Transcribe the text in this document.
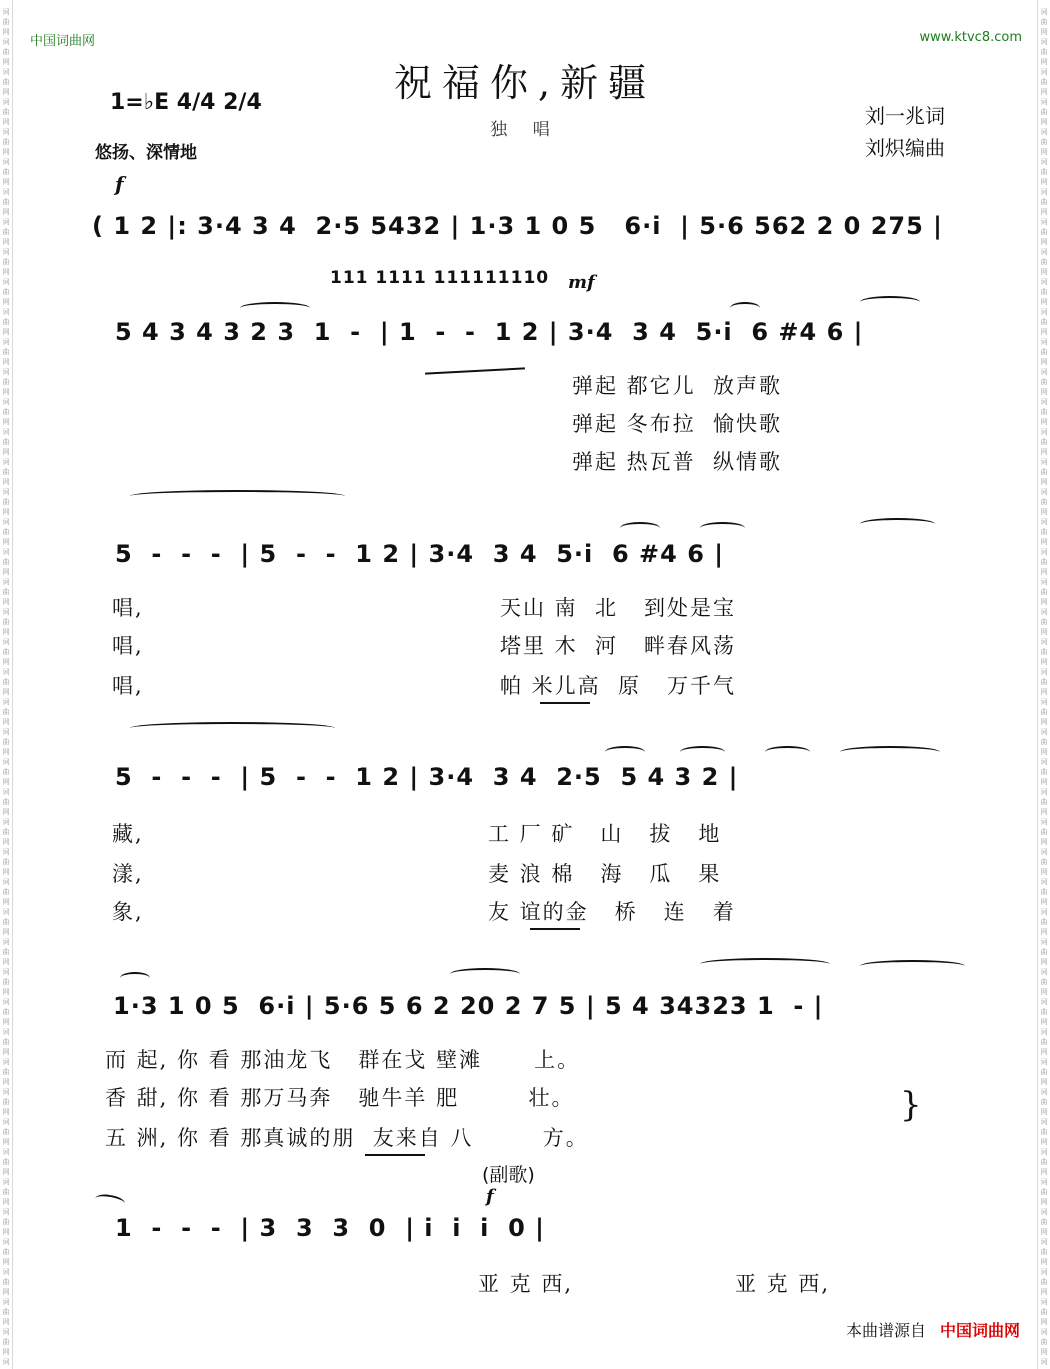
词
曲
网
词
曲
网
词
曲
网
词
曲
网
词
曲
网
词
曲
网
词
曲
网
词
曲
网
词
曲
网
词
曲
网
词
曲
网
词
曲
网
词
曲
网
词
曲
网
词
曲
网
词
曲
网
词
曲
网
词
曲
网
词
曲
网
词
曲
网
词
曲
网
词
曲
网
词
曲
网
词
曲
网
词
曲
网
词
曲
网
词
曲
网
词
曲
网
词
曲
网
词
曲
网
词
曲
网
词
曲
网
词
曲
网
词
曲
网
词
曲
网
词
曲
网
词
曲
网
词
曲
网
词
曲
网
词
曲
网
词
曲
网
词
曲
网
词
曲
网
词
曲
网
词
曲
网
词
词
曲
网
词
曲
网
词
曲
网
词
曲
网
词
曲
网
词
曲
网
词
曲
网
词
曲
网
词
曲
网
词
曲
网
词
曲
网
词
曲
网
词
曲
网
词
曲
网
词
曲
网
词
曲
网
词
曲
网
词
曲
网
词
曲
网
词
曲
网
词
曲
网
词
曲
网
词
曲
网
词
曲
网
词
曲
网
词
曲
网
词
曲
网
词
曲
网
词
曲
网
词
曲
网
词
曲
网
词
曲
网
词
曲
网
词
曲
网
词
曲
网
词
曲
网
词
曲
网
词
曲
网
词
曲
网
词
曲
网
词
曲
网
词
曲
网
词
曲
网
词
曲
网
词
曲
网
词
中国词曲网	www.ktvc8.com
祝福你,新疆
独 唱
1=♭E 4/4 2/4
悠扬、深情地
刘一兆词
刘炽编曲
f
( 1 2 |: 3·4 3 4  2·5 5432 | 1·3 1 0 5   6·i  | 5·6 562 2 0 275 |
111 1111 111111110 mf
5 4 3 4 3 2 3  1  -  | 1  -  -  1 2 | 3·4  3 4  5·i  6 #4 6 |
弹起 都它儿  放声歌
弹起 冬布拉  愉快歌
弹起 热瓦普  纵情歌
5  -  -  -  | 5  -  -  1 2 | 3·4  3 4  5·i  6 #4 6 |
唱,
唱,
唱,
天山 南  北   到处是宝
塔里 木  河   畔春风荡
帕 米儿高  原   万千气
5  -  -  -  | 5  -  -  1 2 | 3·4  3 4  2·5  5 4 3 2 |
藏,
漾,
象,
工 厂 矿   山   拔   地
麦 浪 棉   海   瓜   果
友 谊的金   桥   连   着
1·3 1 0 5  6·i | 5·6 5 6 2 20 2 7 5 | 5 4 34323 1  - |
而 起, 你 看 那油龙飞   群在戈 壁滩      上。
香 甜, 你 看 那万马奔   驰牛羊 肥        壮。
五 洲, 你 看 那真诚的朋  友来自 八        方。
}
(副歌)
f
1  -  -  -  | 3  3  3  0  | i  i  i  0 |
亚 克 西,	亚 克 西,
本曲谱源自 中国词曲网
